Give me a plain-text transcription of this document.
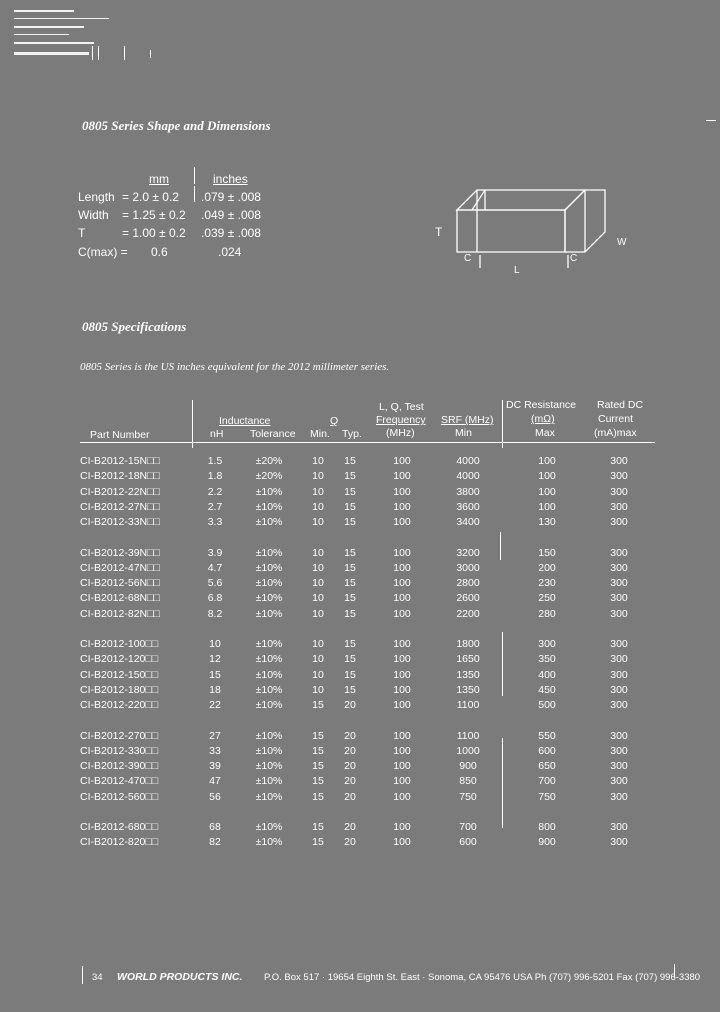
0805 Series Shape and Dimensions
mm	inches
Length = 2.0 ± 0.2 .079 ± .008
Width = 1.25 ± 0.2 .049 ± .008
T	= 1.00 ± 0.2 .039 ± .008
C(max) = 0.6	.024
T
W
C	C
L
0805 Specifications
0805 Series is the US inches equivalent for the 2012 millimeter series.
Part Number
Inductance
nH	Tolerance
Q
Min. Typ.
L, Q, Test
Frequency
(MHz)
SRF (MHz)
Min
DC Resistance
(mΩ)
Max
Rated DC
Current
(mA)max
CI-B2012-15N□□	1.5	±20%	10	15	100	4000	100	300
CI-B2012-18N□□	1.8	±20%	10	15	100	4000	100	300
CI-B2012-22N□□	2.2	±10%	10	15	100	3800	100	300
CI-B2012-27N□□	2.7	±10%	10	15	100	3600	100	300
CI-B2012-33N□□	3.3	±10%	10	15	100	3400	130	300
CI-B2012-39N□□	3.9	±10%	10	15	100	3200	150	300
CI-B2012-47N□□	4.7	±10%	10	15	100	3000	200	300
CI-B2012-56N□□	5.6	±10%	10	15	100	2800	230	300
CI-B2012-68N□□	6.8	±10%	10	15	100	2600	250	300
CI-B2012-82N□□	8.2	±10%	10	15	100	2200	280	300
CI-B2012-100□□	10	±10%	10	15	100	1800	300	300
CI-B2012-120□□	12	±10%	10	15	100	1650	350	300
CI-B2012-150□□	15	±10%	10	15	100	1350	400	300
CI-B2012-180□□	18	±10%	10	15	100	1350	450	300
CI-B2012-220□□	22	±10%	15	20	100	1100	500	300
CI-B2012-270□□	27	±10%	15	20	100	1100	550	300
CI-B2012-330□□	33	±10%	15	20	100	1000	600	300
CI-B2012-390□□	39	±10%	15	20	100	900	650	300
CI-B2012-470□□	47	±10%	15	20	100	850	700	300
CI-B2012-560□□	56	±10%	15	20	100	750	750	300
CI-B2012-680□□	68	±10%	15	20	100	700	800	300
CI-B2012-820□□	82	±10%	15	20	100	600	900	300
34 WORLD PRODUCTS INC. P.O. Box 517 · 19654 Eighth St. East · Sonoma, CA 95476 USA Ph (707) 996-5201 Fax (707) 996-3380
